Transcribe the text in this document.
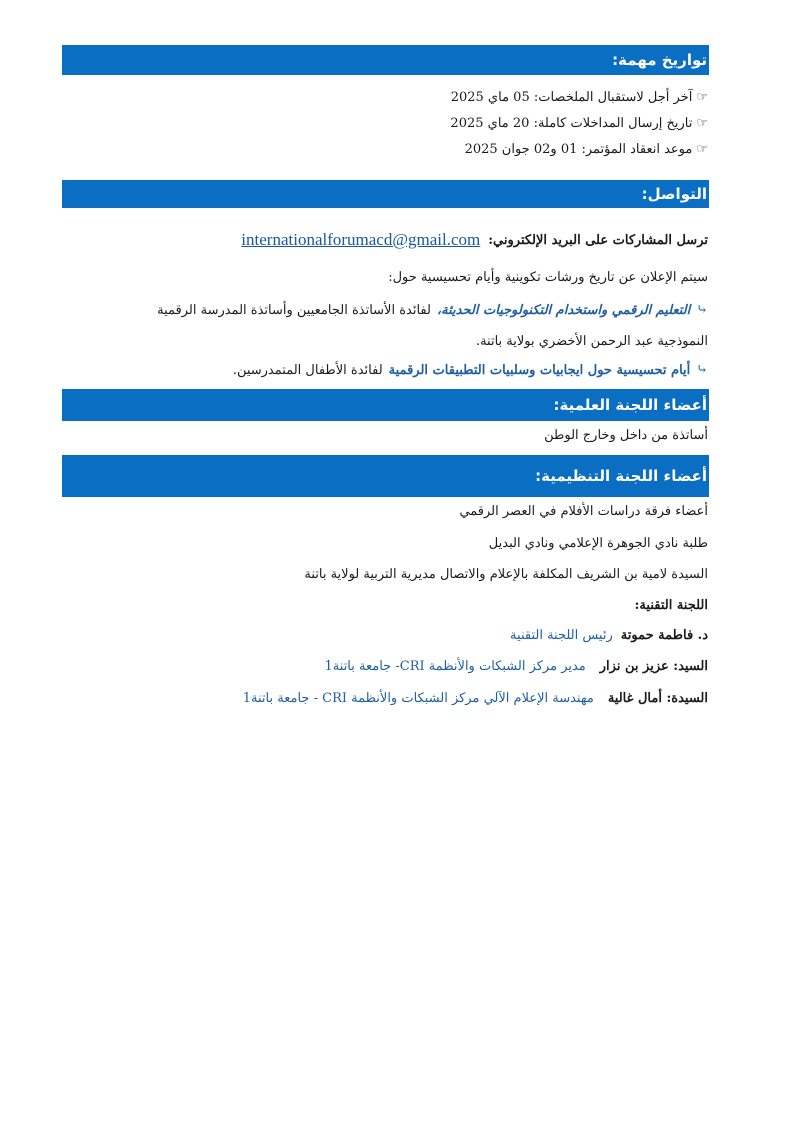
تواريخ مهمة:
☞
آخر أجل لاستقبال الملخصات: 05 ماي 2025
☞
تاريخ إرسال المداخلات كاملة: 20 ماي 2025
☞
موعد انعقاد المؤتمر: 01 و02 جوان 2025
التواصل:
ترسل المشاركات على البريد الإلكتروني:
internationalforumacd@gmail.com
سيتم الإعلان عن تاريخ ورشات تكوينية وأيام تحسيسية حول:
⤷
التعليم الرقمي واستخدام التكنولوجيات الحديثة،
لفائدة الأساتذة الجامعيين وأساتذة المدرسة الرقمية
النموذجية عبد الرحمن الأخضري بولاية باتنة.
⤷
أيام تحسيسية حول ايجابيات وسلبيات التطبيقات الرقمية
لفائدة الأطفال المتمدرسين.
أعضاء اللجنة العلمية:
أساتذة من داخل وخارج الوطن
أعضاء اللجنة التنظيمية:
أعضاء فرقة دراسات الأفلام في العصر الرقمي
طلبة نادي الجوهرة الإعلامي ونادي البديل
السيدة لامية بن الشريف المكلفة بالإعلام والاتصال مديرية التربية لولاية باتنة
اللجنة التقنية:
د. فاطمة حموتة
رئيس اللجنة التقنية
السيد: عزيز بن نزار
مدير مركز الشبكات والأنظمة CRI- جامعة باتنة1
السيدة: أمال غالية
مهندسة الإعلام الآلي مركز الشبكات والأنظمة CRI - جامعة باتنة1
